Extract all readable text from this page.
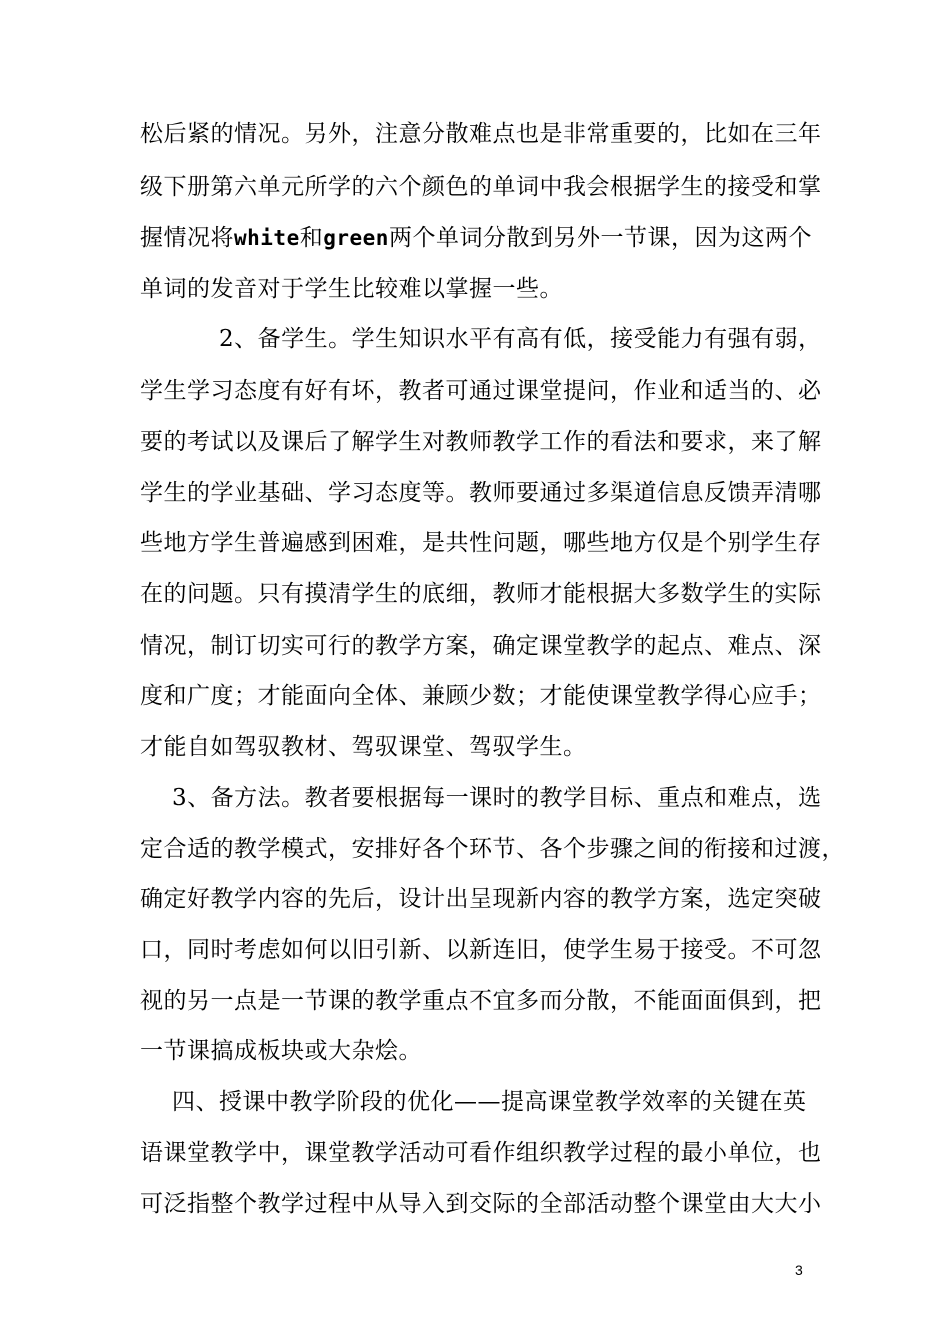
松后紧的情况。另外，注意分散难点也是非常重要的，比如在三年
级下册第六单元所学的六个颜色的单词中我会根据学生的接受和掌
握情况将white和green两个单词分散到另外一节课，因为这两个
单词的发音对于学生比较难以掌握一些。
2、备学生。学生知识水平有高有低，接受能力有强有弱，
学生学习态度有好有坏，教者可通过课堂提问，作业和适当的、必
要的考试以及课后了解学生对教师教学工作的看法和要求，来了解
学生的学业基础、学习态度等。教师要通过多渠道信息反馈弄清哪
些地方学生普遍感到困难，是共性问题，哪些地方仅是个别学生存
在的问题。只有摸清学生的底细，教师才能根据大多数学生的实际
情况，制订切实可行的教学方案，确定课堂教学的起点、难点、深
度和广度；才能面向全体、兼顾少数；才能使课堂教学得心应手；
才能自如驾驭教材、驾驭课堂、驾驭学生。
3、备方法。教者要根据每一课时的教学目标、重点和难点，选
定合适的教学模式，安排好各个环节、各个步骤之间的衔接和过渡，
确定好教学内容的先后，设计出呈现新内容的教学方案，选定突破
口，同时考虑如何以旧引新、以新连旧，使学生易于接受。不可忽
视的另一点是一节课的教学重点不宜多而分散，不能面面俱到，把
一节课搞成板块或大杂烩。
四、授课中教学阶段的优化——提高课堂教学效率的关键在英
语课堂教学中，课堂教学活动可看作组织教学过程的最小单位，也
可泛指整个教学过程中从导入到交际的全部活动整个课堂由大大小
3
